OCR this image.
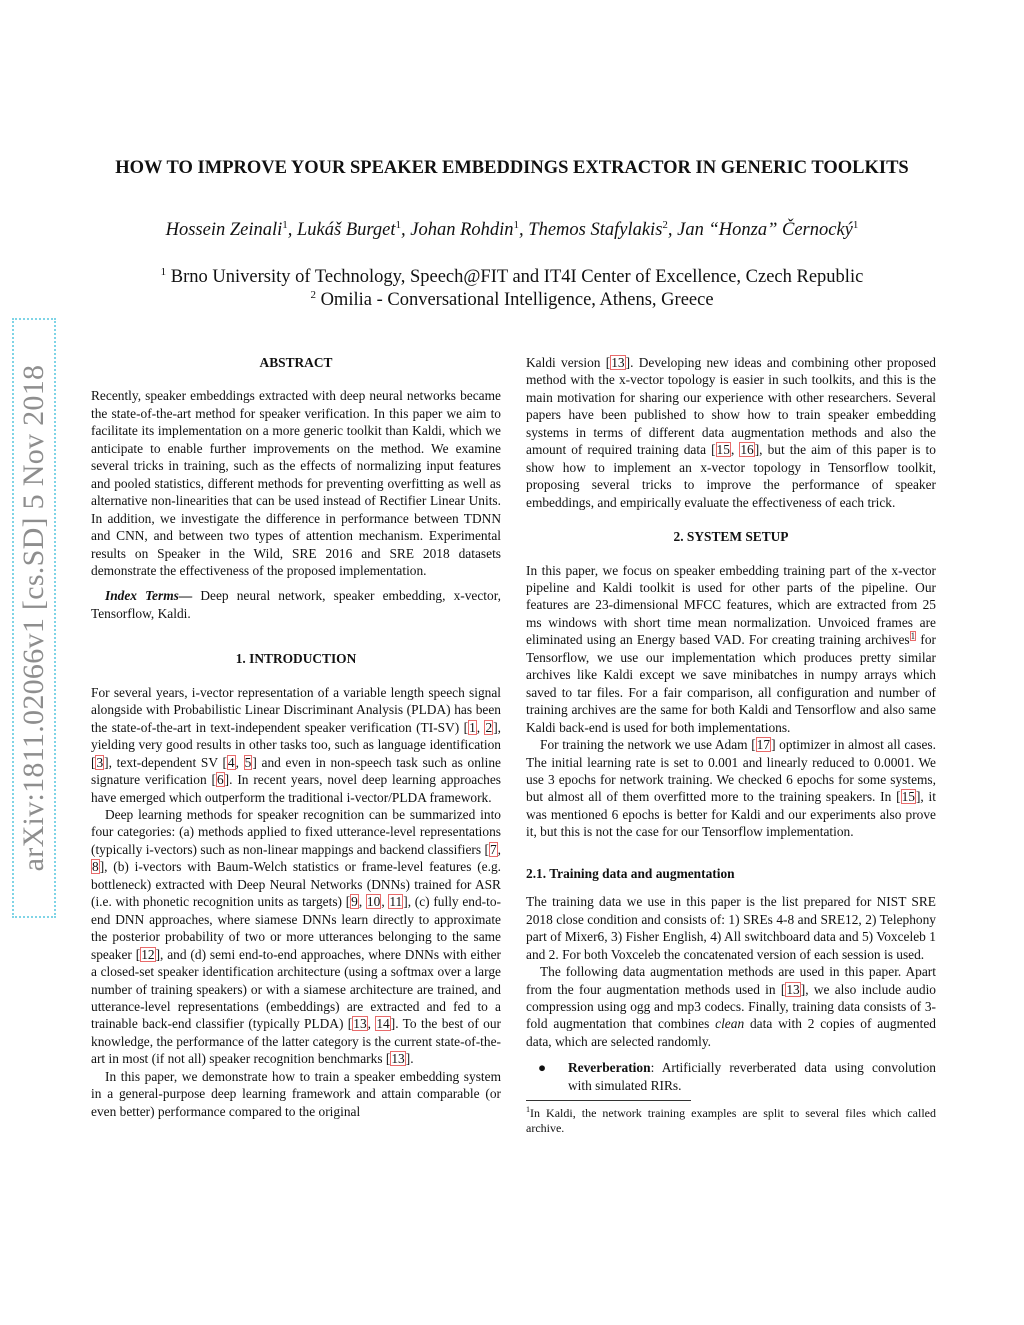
arXiv:1811.02066v1 [cs.SD] 5 Nov 2018
HOW TO IMPROVE YOUR SPEAKER EMBEDDINGS EXTRACTOR IN GENERIC TOOLKITS

Hossein Zeinali$^1$, Lukáš Burget$^1$, Johan Rohdin$^1$, Themos Stafylakis$^2$, Jan “Honza” Černocký$^1$

$^1$ Brno University of Technology, Speech@FIT and IT4I Center of Excellence, Czech Republic
$^2$ Omilia - Conversational Intelligence, Athens, Greece
ABSTRACT

Recently, speaker embeddings extracted with deep neural networks became the state-of-the-art method for speaker verification. In this paper we aim to facilitate its implementation on a more generic toolkit than Kaldi, which we anticipate to enable further improvements on the method. We examine several tricks in training, such as the effects of normalizing input features and pooled statistics, different methods for preventing overfitting as well as alternative non-linearities that can be used instead of Rectifier Linear Units. In addition, we investigate the difference in performance between TDNN and CNN, and between two types of attention mechanism. Experimental results on Speaker in the Wild, SRE 2016 and SRE 2018 datasets demonstrate the effectiveness of the proposed implementation.

Index Terms— Deep neural network, speaker embedding, x-vector, Tensorflow, Kaldi.

1. INTRODUCTION

For several years, i-vector representation of a variable length speech signal alongside with Probabilistic Linear Discriminant Analysis (PLDA) has been the state-of-the-art in text-independent speaker verification (TI-SV) [1, 2], yielding very good results in other tasks too, such as language identification [3], text-dependent SV [4, 5] and even in non-speech task such as online signature verification [6]. In recent years, novel deep learning approaches have emerged which outperform the traditional i-vector/PLDA framework.

Deep learning methods for speaker recognition can be summarized into four categories: (a) methods applied to fixed utterance-level representations (typically i-vectors) such as non-linear mappings and backend classifiers [7, 8], (b) i-vectors with Baum-Welch statistics or frame-level features (e.g. bottleneck) extracted with Deep Neural Networks (DNNs) trained for ASR (i.e. with phonetic recognition units as targets) [9, 10, 11], (c) fully end-to-end DNN approaches, where siamese DNNs learn directly to approximate the posterior probability of two or more utterances belonging to the same speaker [12], and (d) semi end-to-end approaches, where DNNs with either a closed-set speaker identification architecture (using a softmax over a large number of training speakers) or with a siamese architecture are trained, and utterance-level representations (embeddings) are extracted and fed to a trainable back-end classifier (typically PLDA) [13, 14]. To the best of our knowledge, the performance of the latter category is the current state-of-the-art in most (if not all) speaker recognition benchmarks [13].

In this paper, we demonstrate how to train a speaker embedding system in a general-purpose deep learning framework and attain comparable (or even better) performance compared to the original

Kaldi version [13]. Developing new ideas and combining other proposed method with the x-vector topology is easier in such toolkits, and this is the main motivation for sharing our experience with other researchers. Several papers have been published to show how to train speaker embedding systems in terms of different data augmentation methods and also the amount of required training data [15, 16], but the aim of this paper is to show how to implement an x-vector topology in Tensorflow toolkit, proposing several tricks to improve the performance of speaker embeddings, and empirically evaluate the effectiveness of each trick.

2. SYSTEM SETUP

In this paper, we focus on speaker embedding training part of the x-vector pipeline and Kaldi toolkit is used for other parts of the pipeline. Our features are 23-dimensional MFCC features, which are extracted from 25 ms windows with short time mean normalization. Unvoiced frames are eliminated using an Energy based VAD. For creating training archives$^1$ for Tensorflow, we use our implementation which produces pretty similar archives like Kaldi except we save minibatches in numpy arrays which saved to tar files. For a fair comparison, all configuration and number of training archives are the same for both Kaldi and Tensorflow and also same Kaldi back-end is used for both implementations.

For training the network we use Adam [17] optimizer in almost all cases. The initial learning rate is set to 0.001 and linearly reduced to 0.0001. We use 3 epochs for network training. We checked 6 epochs for some systems, but almost all of them overfitted more to the training speakers. In [15], it was mentioned 6 epochs is better for Kaldi and our experiments also prove it, but this is not the case for our Tensorflow implementation.

2.1. Training data and augmentation

The training data we use in this paper is the list prepared for NIST SRE 2018 close condition and consists of: 1) SREs 4-8 and SRE12, 2) Telephony part of Mixer6, 3) Fisher English, 4) All switchboard data and 5) Voxceleb 1 and 2. For both Voxceleb the concatenated version of each session is used.

The following data augmentation methods are used in this paper. Apart from the four augmentation methods used in [13], we also include audio compression using ogg and mp3 codecs. Finally, training data consists of 3-fold augmentation that combines clean data with 2 copies of augmented data, which are selected randomly.

● Reverberation: Artificially reverberated data using convolution with simulated RIRs.

$^1$In Kaldi, the network training examples are split to several files which called archive.
